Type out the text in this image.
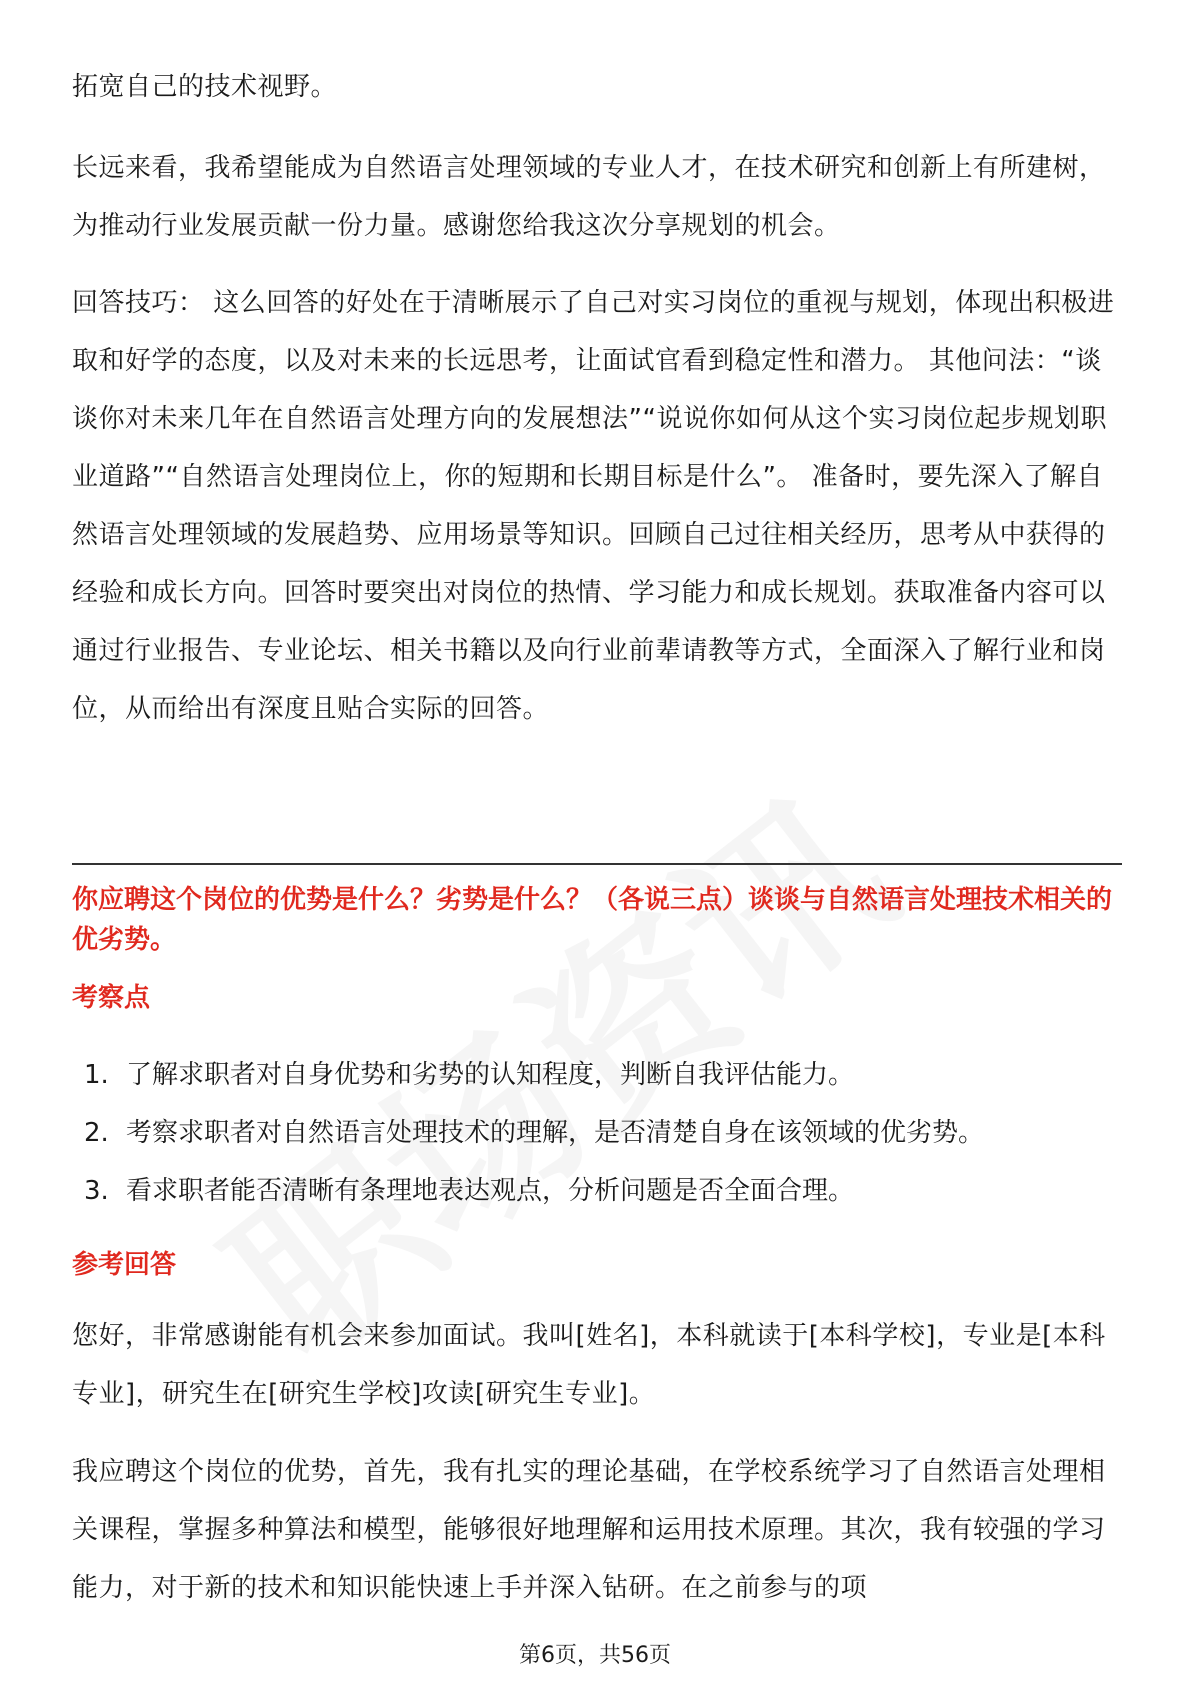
拓宽自己的技术视野。

长远来看，我希望能成为自然语言处理领域的专业人才，在技术研究和创新上有所建树，为推动行业发展贡献一份力量。感谢您给我这次分享规划的机会。

回答技巧： 这么回答的好处在于清晰展示了自己对实习岗位的重视与规划，体现出积极进取和好学的态度，以及对未来的长远思考，让面试官看到稳定性和潜力。 其他问法：“谈谈你对未来几年在自然语言处理方向的发展想法”“说说你如何从这个实习岗位起步规划职业道路”“自然语言处理岗位上，你的短期和长期目标是什么”。 准备时，要先深入了解自然语言处理领域的发展趋势、应用场景等知识。回顾自己过往相关经历，思考从中获得的经验和成长方向。回答时要突出对岗位的热情、学习能力和成长规划。获取准备内容可以通过行业报告、专业论坛、相关书籍以及向行业前辈请教等方式，全面深入了解行业和岗位，从而给出有深度且贴合实际的回答。

你应聘这个岗位的优势是什么？劣势是什么？（各说三点）谈谈与自然语言处理技术相关的优劣势。

考察点

1. 了解求职者对自身优势和劣势的认知程度，判断自我评估能力。
2. 考察求职者对自然语言处理技术的理解，是否清楚自身在该领域的优劣势。
3. 看求职者能否清晰有条理地表达观点，分析问题是否全面合理。

参考回答

您好，非常感谢能有机会来参加面试。我叫[姓名]，本科就读于[本科学校]，专业是[本科专业]，研究生在[研究生学校]攻读[研究生专业]。

我应聘这个岗位的优势，首先，我有扎实的理论基础，在学校系统学习了自然语言处理相关课程，掌握多种算法和模型，能够很好地理解和运用技术原理。其次，我有较强的学习能力，对于新的技术和知识能快速上手并深入钻研。在之前参与的项

第6页，共56页
